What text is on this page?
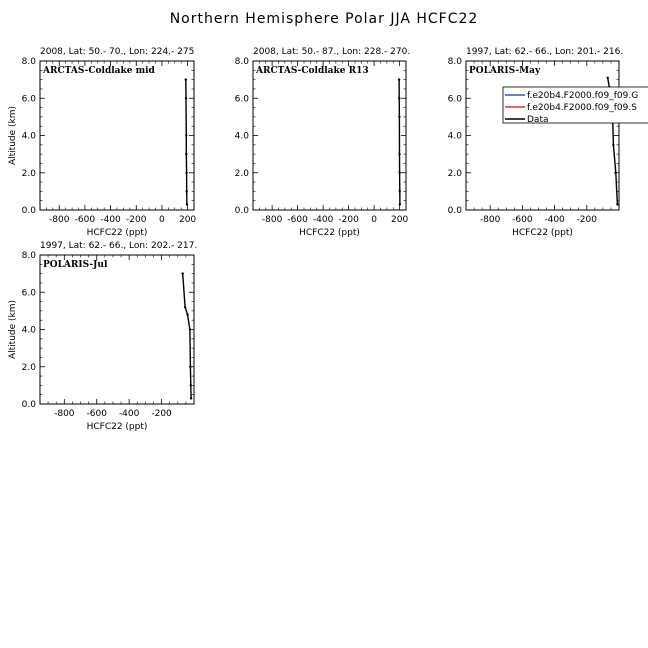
Northern Hemisphere Polar JJA HCFC22
2008, Lat: 50.- 70., Lon: 224.- 275
ARCTAS-Coldlake mid
-800 -600 -400 -200 0 200
0.0
2.0
4.0
6.0
8.0
HCFC22 (ppt)
Altitude (km)
2008, Lat: 50.- 87., Lon: 228.- 270.
ARCTAS-Coldlake R13
-800 -600 -400 -200 0 200
0.0
2.0
4.0
6.0
8.0
HCFC22 (ppt)
1997, Lat: 62.- 66., Lon: 201.- 216.
POLARIS-May
-800 -600 -400 -200
0.0
2.0
4.0
6.0
8.0
HCFC22 (ppt)
1997, Lat: 62.- 66., Lon: 202.- 217.
POLARIS-Jul
-800 -600 -400 -200
0.0
2.0
4.0
6.0
8.0
HCFC22 (ppt)
Altitude (km)
f.e20b4.F2000.f09_f09.G
f.e20b4.F2000.f09_f09.S
Data
